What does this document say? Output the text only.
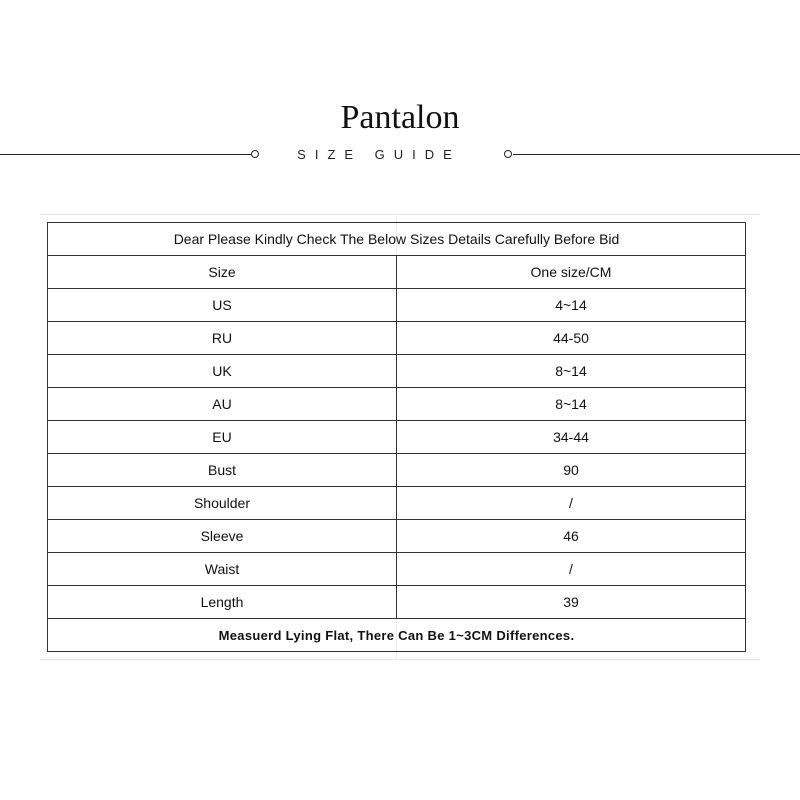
Pantalon
SIZE GUIDE
Dear Please Kindly Check The Below Sizes Details Carefully Before Bid	
Size	One size/CM
US	4~14
RU	44-50
UK	8~14
AU	8~14
EU	34-44
Bust	90
Shoulder	/
Sleeve	46
Waist	/
Length	39
Measuerd Lying Flat, There Can Be 1~3CM Differences.	
